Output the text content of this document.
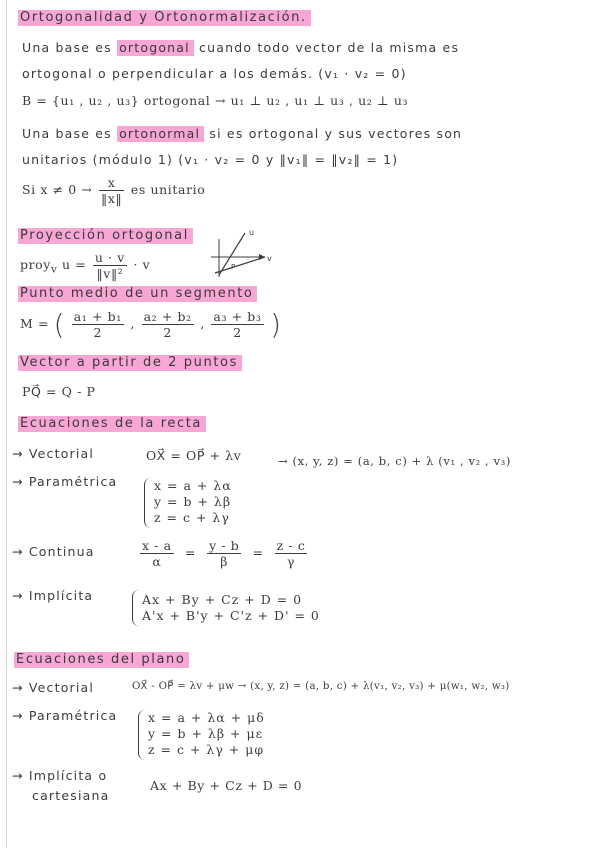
Ortogonalidad y Ortonormalización.
Una base es ortogonal cuando todo vector de la misma es
ortogonal o perpendicular a los demás. (v₁ · v₂ = 0)
B = {u₁ , u₂ , u₃} ortogonal → u₁ ⊥ u₂ , u₁ ⊥ u₃ , u₂ ⊥ u₃
Una base es ortonormal si es ortogonal y sus vectores son
unitarios (módulo 1) (v₁ · v₂ = 0 y ‖v₁‖ = ‖v₂‖ = 1)
Si $x \ne 0 \to \frac{x}{‖x‖}$ es unitario
Proyección ortogonal
proy$_v$ $u = \frac{u \cdot v}{\text{‖v‖²}} \cdot v$
u
v
P
Punto medio de un segmento
M = ( $\frac{\text{a₁ + b₁}}{2}$ , $\frac{\text{a₂ + b₂}}{2}$ , $\frac{\text{a₃ + b₃}}{2}$ )
Vector a partir de 2 puntos
PQ⃗ = Q - P
Ecuaciones de la recta
→ Vectorial	OX⃗ = OP⃗ + λv	→ (x, y, z) = (a, b, c) + λ (v₁ , v₂ , v₃)
→ Paramétrica	x = a + λα
y = b + λβ
z = c + λγ
→ Continua	$\frac{x - a}{\alpha} = \frac{y - b}{\beta} = \frac{z - c}{\gamma}$
→ Implícita	Ax + By + Cz + D = 0
A'x + B'y + C'z + D' = 0
Ecuaciones del plano
→ Vectorial	OX⃗ - OP⃗ = λv + μw → (x, y, z) = (a, b, c) + λ(v₁, v₂, v₃) + μ(w₁, w₂, w₃)
→ Paramétrica x = a + λα + μδ
y = b + λβ + με
z = c + λγ + μφ
→ Implícita o
cartesiana
Ax + By + Cz + D = 0
